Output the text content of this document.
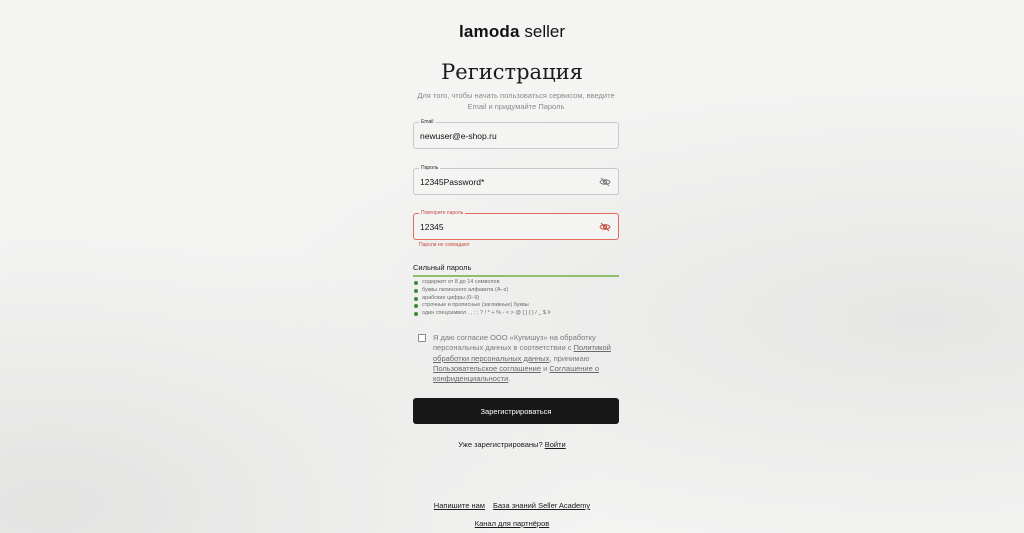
lamoda seller
Регистрация

Для того, чтобы начать пользоваться сервисом, введите Email и придумайте Пароль

Email
newuser@e-shop.ru
Пароль
12345Password*
Повторите пароль
12345
Пароли не совпадают
Сильный пароль
содержит от 8 до 14 символов
буквы латинского алфавита (A–z)
арабские цифры (0–9)
строчные и прописные (заглавные) буквы
один спецсимвол . , : ; ? ! * + % - < > @ [ ] { } / _ $ #

Я даю согласие ООО «Купишуз» на обработку персональных данных в соответствии с Политикой обработки персональных данных, принимаю Пользовательское соглашение и Соглашение о конфиденциальности.

Зарегистрироваться
Уже зарегистрированы? Войти
Напишите нам База знаний Seller Academy
Канал для партнёров
